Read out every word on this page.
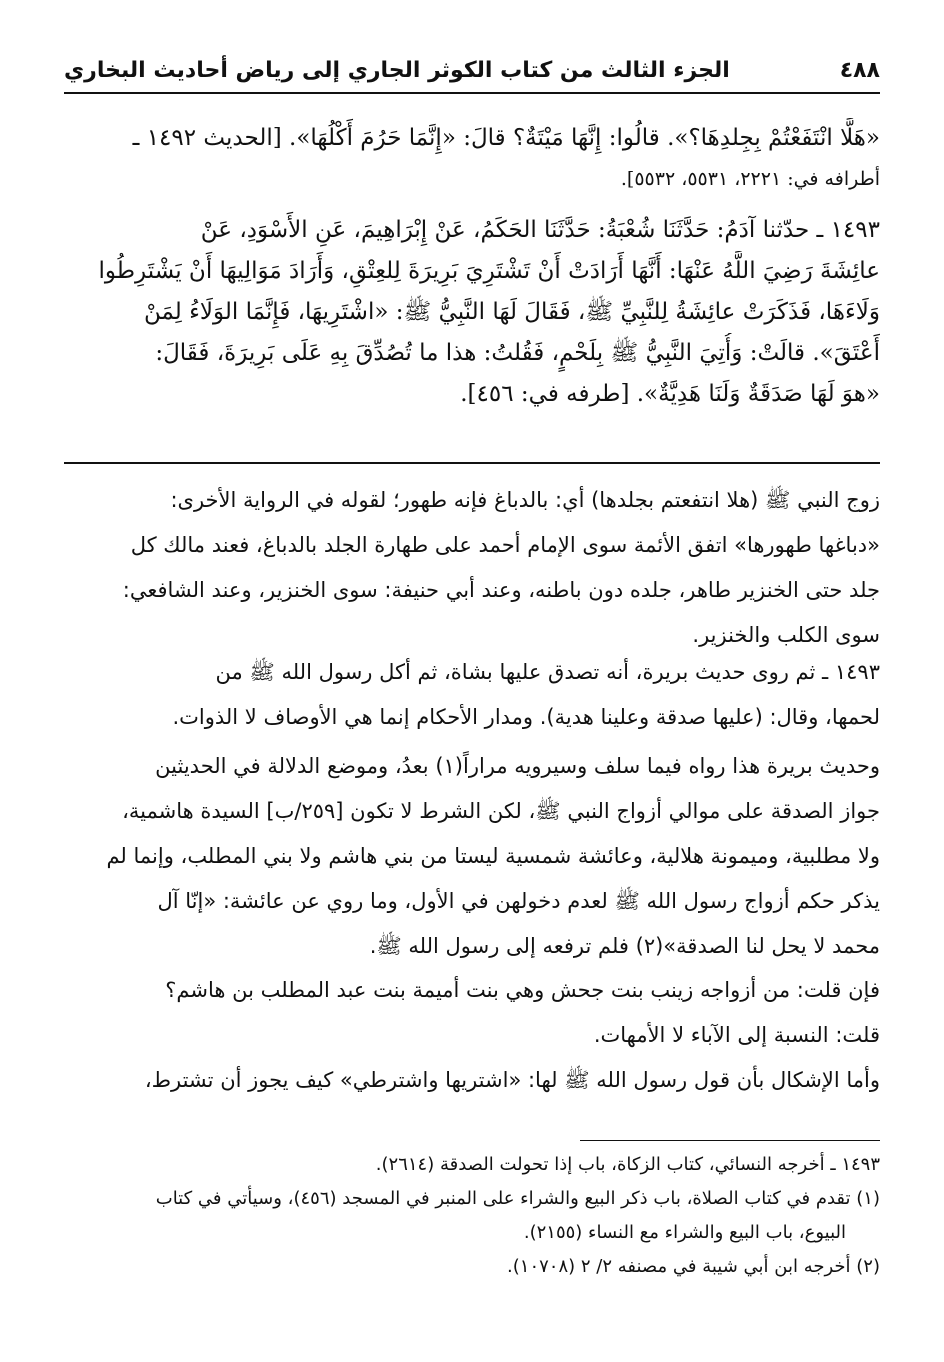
٤٨٨
الجزء الثالث من كتاب الكوثر الجاري إلى رياض أحاديث البخاري
«هَلَّا انْتَفَعْتُمْ بِجِلدِهَا؟». قالُوا: إِنَّهَا مَيْتَةٌ؟ قالَ: «إِنَّمَا حَرُمَ أَكْلُهَا». [الحديث ١٤٩٢ ـ
أطرافه في: ٢٢٢١، ٥٥٣١، ٥٥٣٢].
١٤٩٣ ـ حدّثنا آدَمُ: حَدَّثَنَا شُعْبَةُ: حَدَّثَنَا الحَكَمُ، عَنْ إِبْرَاهِيمَ، عَنِ الأَسْوَدِ، عَنْ
عائِشَةَ رَضِيَ اللَّهُ عَنْهَا: أَنَّهَا أَرَادَتْ أَنْ تَشْتَرِيَ بَرِيرَةَ لِلعِتْقِ، وَأَرَادَ مَوَالِيهَا أَنْ يَشْتَرِطُوا
وَلَاءَهَا، فَذَكَرَتْ عائِشَةُ لِلنَّبِيِّ ﷺ، فَقَالَ لَهَا النَّبِيُّ ﷺ: «اشْتَرِيهَا، فَإِنَّمَا الوَلَاءُ لِمَنْ
أَعْتَقَ». قالَتْ: وَأُتِيَ النَّبِيُّ ﷺ بِلَحْمٍ، فَقُلتُ: هذا ما تُصُدِّقَ بِهِ عَلَى بَرِيرَةَ، فَقَالَ:
«هوَ لَهَا صَدَقَةٌ وَلَنَا هَدِيَّةٌ». [طرفه في: ٤٥٦].
زوج النبي ﷺ (هلا انتفعتم بجلدها) أي: بالدباغ فإنه طهور؛ لقوله في الرواية الأخرى:
«دباغها طهورها» اتفق الأئمة سوى الإمام أحمد على طهارة الجلد بالدباغ، فعند مالك كل
جلد حتى الخنزير طاهر، جلده دون باطنه، وعند أبي حنيفة: سوى الخنزير، وعند الشافعي:
سوى الكلب والخنزير.
١٤٩٣ ـ ثم روى حديث بريرة، أنه تصدق عليها بشاة، ثم أكل رسول الله ﷺ من
لحمها، وقال: (عليها صدقة وعلينا هدية). ومدار الأحكام إنما هي الأوصاف لا الذوات.
وحديث بريرة هذا رواه فيما سلف وسيرويه مراراً(١) بعدُ، وموضع الدلالة في الحديثين
جواز الصدقة على موالي أزواج النبي ﷺ، لكن الشرط لا تكون [٢٥٩/ب] السيدة هاشمية،
ولا مطلبية، وميمونة هلالية، وعائشة شمسية ليستا من بني هاشم ولا بني المطلب، وإنما لم
يذكر حكم أزواج رسول الله ﷺ لعدم دخولهن في الأول، وما روي عن عائشة: «إنّا آل
محمد لا يحل لنا الصدقة»(٢) فلم ترفعه إلى رسول الله ﷺ.
فإن قلت: من أزواجه زينب بنت جحش وهي بنت أميمة بنت عبد المطلب بن هاشم؟
قلت: النسبة إلى الآباء لا الأمهات.
وأما الإشكال بأن قول رسول الله ﷺ لها: «اشتريها واشترطي» كيف يجوز أن تشترط،
١٤٩٣ ـ أخرجه النسائي، كتاب الزكاة، باب إذا تحولت الصدقة (٢٦١٤).
(١) تقدم في كتاب الصلاة، باب ذكر البيع والشراء على المنبر في المسجد (٤٥٦)، وسيأتي في كتاب
البيوع، باب البيع والشراء مع النساء (٢١٥٥).
(٢) أخرجه ابن أبي شيبة في مصنفه ٢/ ٢ (١٠٧٠٨).
